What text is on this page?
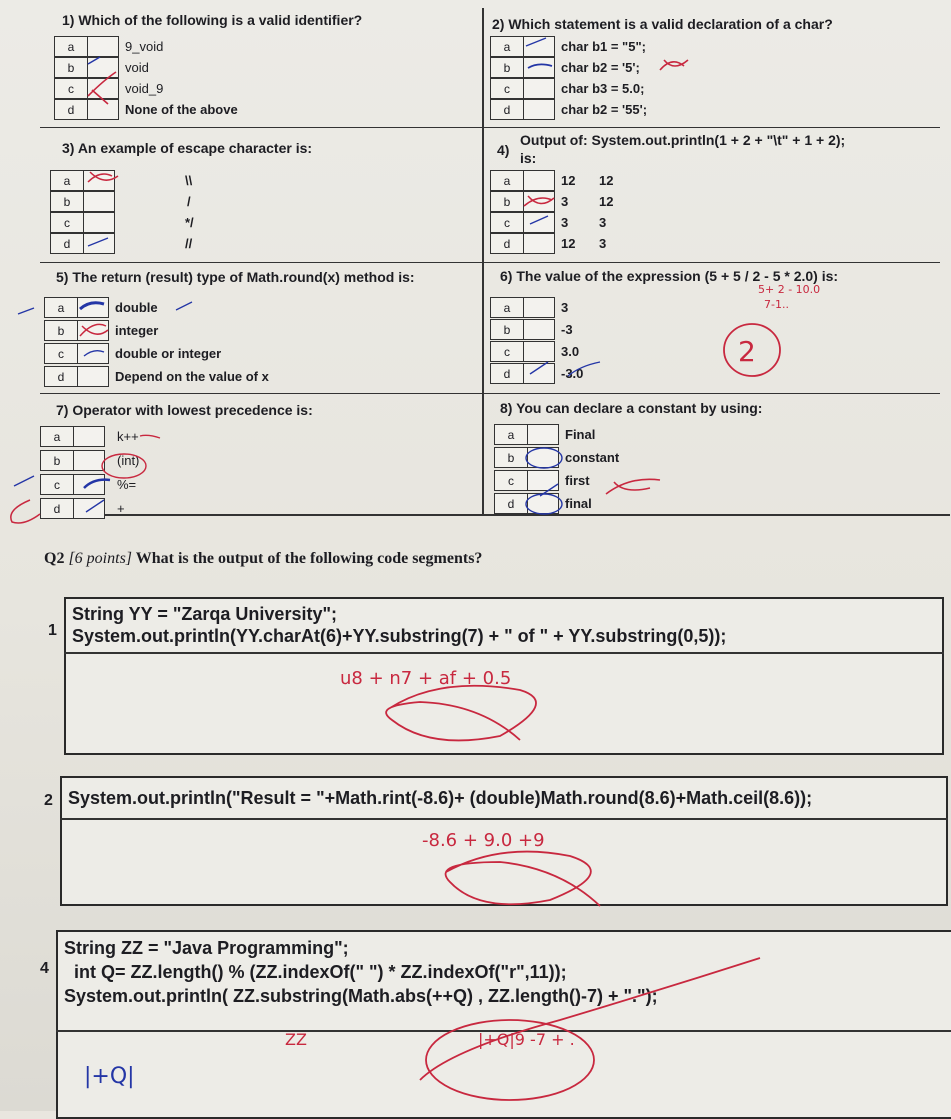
1) Which of the following is a valid identifier?
a	9_void
b	void
c	void_9
d	None of the above
2) Which statement is a valid declaration of a char?
a	char b1 = "5";
b	char b2 = '5';
c	char b3 = 5.0;
d	char b2 = '55';
3) An example of escape character is:
a	\\
b	/
c	*/
d	//
4)
Output of: System.out.println(1 + 2 + "\t" + 1 + 2);
is:
a	12	12
b	3	12
c	3	3
d	12	3
5) The return (result) type of Math.round(x) method is:
a	double
b	integer
c	double or integer
d	Depend on the value of x
6) The value of the expression (5 + 5 / 2 - 5 * 2.0) is:
a	3
b	-3
c	3.0
d	-3.0
7) Operator with lowest precedence is:
a	k++
b	(int)
c	%=
d	+
8) You can declare a constant by using:
a	Final
b	constant
c	first
d	final
Q2 [6 points] What is the output of the following code segments?
1
String YY = "Zarqa University";
System.out.println(YY.charAt(6)+YY.substring(7) + " of " + YY.substring(0,5));
2 System.out.println("Result = "+Math.rint(-8.6)+ (double)Math.round(8.6)+Math.ceil(8.6));
4
String ZZ = "Java Programming";
int Q= ZZ.length() % (ZZ.indexOf(" ") * ZZ.indexOf("r",11));
System.out.println( ZZ.substring(Math.abs(++Q) , ZZ.length()-7) + ".");
5+ 2 - 10.0
7-1..
2
u8 + n7 + af + 0.5
-8.6 + 9.0 +9
ZZ	|+Q|9 -7 + .
|+Q|
